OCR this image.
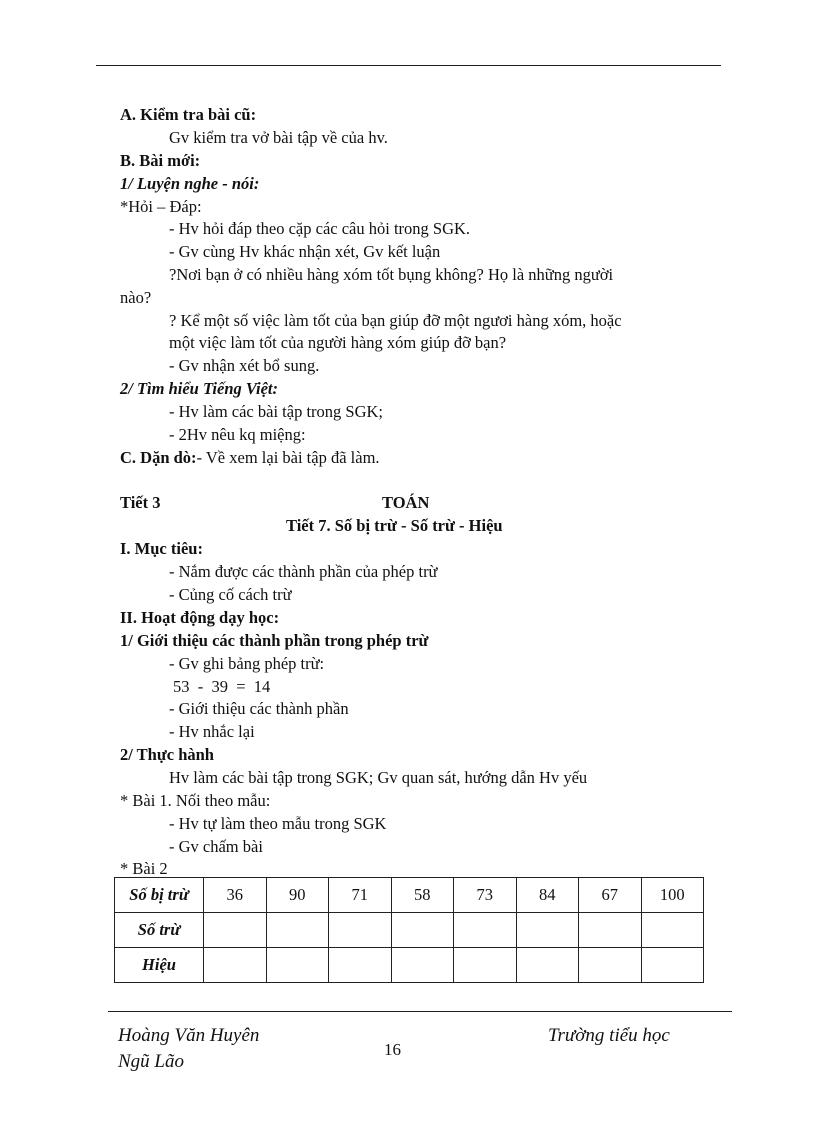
A. Kiểm tra bài cũ:
Gv kiểm tra vở bài tập về của hv.
B. Bài mới:
1/ Luyện nghe - nói:
*Hỏi – Đáp:
- Hv hỏi đáp theo cặp các câu hỏi trong SGK.
- Gv cùng Hv khác nhận xét, Gv kết luận
?Nơi bạn ở có nhiều hàng xóm tốt bụng không? Họ là những người
nào?
? Kể một số việc làm tốt của bạn giúp đỡ một ngươi hàng xóm, hoặc
một việc làm tốt của người hàng xóm giúp đỡ bạn?
- Gv nhận xét bổ sung.
2/ Tìm hiểu Tiếng Việt:
- Hv làm các bài tập trong SGK;
- 2Hv nêu kq miệng:
C. Dặn dò:- Về xem lại bài tập đã làm.
Tiết 3	TOÁN
Tiết 7. Số bị trừ - Số trừ - Hiệu
I. Mục tiêu:
- Nắm được các thành phần của phép trừ
- Củng cố cách trừ
II. Hoạt động dạy học:
1/ Giới thiệu các thành phần trong phép trừ
- Gv ghi bảng phép trừ:
53  -  39  =  14
- Giới thiệu các thành phần
- Hv nhắc lại
2/ Thực hành
Hv làm các bài tập trong SGK; Gv quan sát, hướng dẫn Hv yếu
* Bài 1. Nối theo mẫu:
- Hv tự làm theo mẫu trong SGK
- Gv chấm bài
* Bài 2
Số bị trừ	36	90	71	58	73	84	67	100
Số trừ								
Hiệu								
Hoàng Văn Huyên
Ngũ Lão
16
Trường tiểu học
